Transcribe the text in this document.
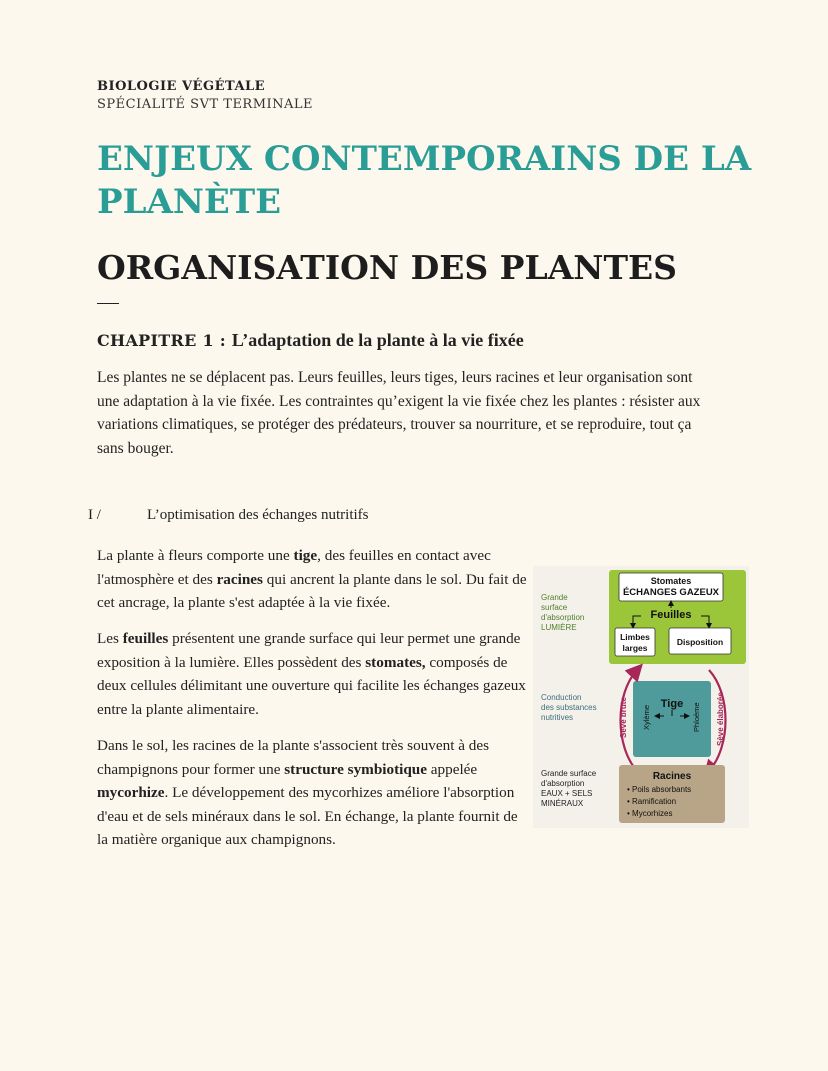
BIOLOGIE VÉGÉTALE
SPÉCIALITÉ SVT TERMINALE
ENJEUX CONTEMPORAINS DE LA PLANÈTE
ORGANISATION DES PLANTES
CHAPITRE 1 : L’adaptation de la plante à la vie fixée

Les plantes ne se déplacent pas. Leurs feuilles, leurs tiges, leurs racines et leur organisation sont une adaptation à la vie fixée. Les contraintes qu’exigent la vie fixée chez les plantes : résister aux variations climatiques, se protéger des prédateurs, trouver sa nourriture, et se reproduire, tout ça sans bouger.

I /	L’optimisation des échanges nutritifs

La plante à fleurs comporte une tige, des feuilles en contact avec l'atmosphère et des racines qui ancrent la plante dans le sol. Du fait de cet ancrage, la plante s'est adaptée à la vie fixée.

Les feuilles présentent une grande surface qui leur permet une grande exposition à la lumière. Elles possèdent des stomates, composés de deux cellules délimitant une ouverture qui facilite les échanges gazeux entre la plante alimentaire.

Dans le sol, les racines de la plante s'associent très souvent à des champignons pour former une structure symbiotique appelée mycorhize. Le développement des mycorhizes améliore l'absorption d'eau et de sels minéraux dans le sol. En échange, la plante fournit de la matière organique aux champignons.

Stomates
ÉCHANGES GAZEUX
Feuilles
Limbes
larges
Disposition
Grande
surface
d'absorption
LUMIÈRE
Tige
Xylème	Phloème
Sève brute	Sève élaborée
Conduction
des substances
nutritives
Racines
• Poils absorbants
• Ramification
• Mycorhizes
Grande surface
d'absorption
EAUX + SELS
MINÉRAUX
